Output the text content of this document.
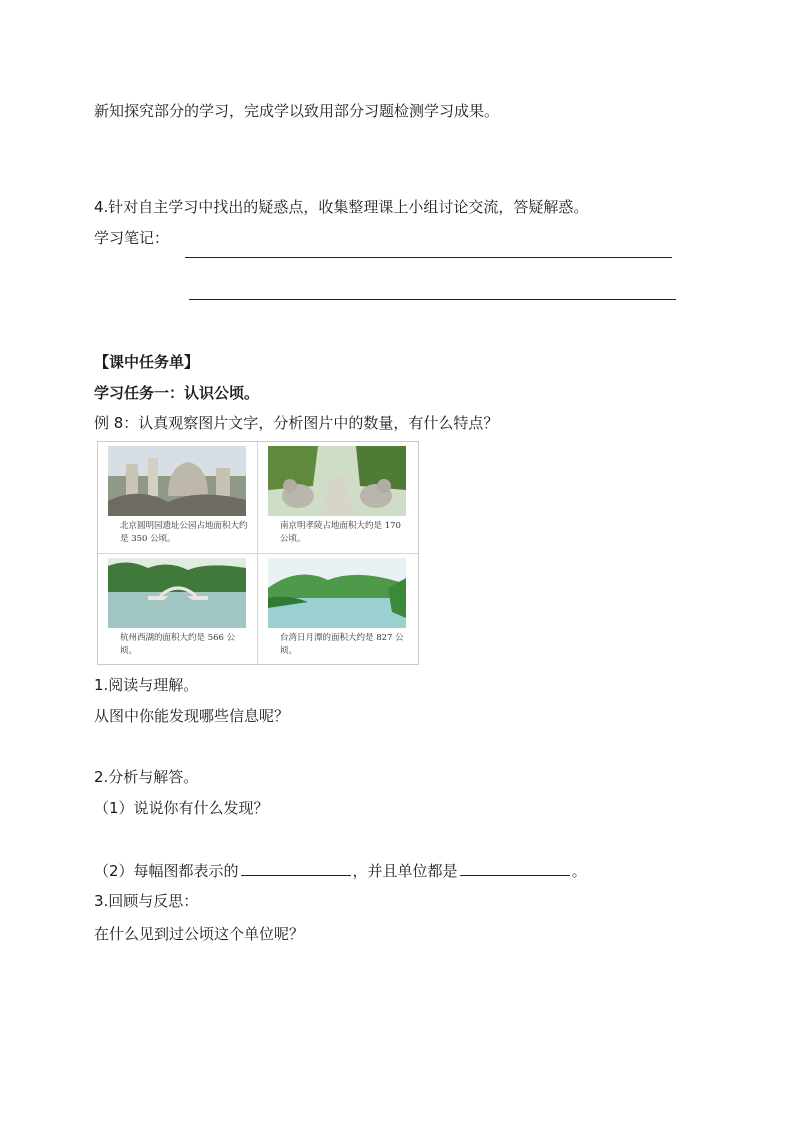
新知探究部分的学习，完成学以致用部分习题检测学习成果。
4.针对自主学习中找出的疑惑点，收集整理课上小组讨论交流，答疑解惑。
学习笔记：
【课中任务单】
学习任务一：认识公顷。
例 8：认真观察图片文字，分析图片中的数量，有什么特点？
北京圆明园遗址公园占地面积大约是 350 公顷。
南京明孝陵占地面积大约是 170 公顷。
杭州西湖的面积大约是 566 公顷。
台湾日月潭的面积大约是 827 公顷。
1.阅读与理解。
从图中你能发现哪些信息呢？
2.分析与解答。
（1）说说你有什么发现？
（2）每幅图都表示的	，并且单位都是	。
3.回顾与反思：
在什么见到过公顷这个单位呢？
